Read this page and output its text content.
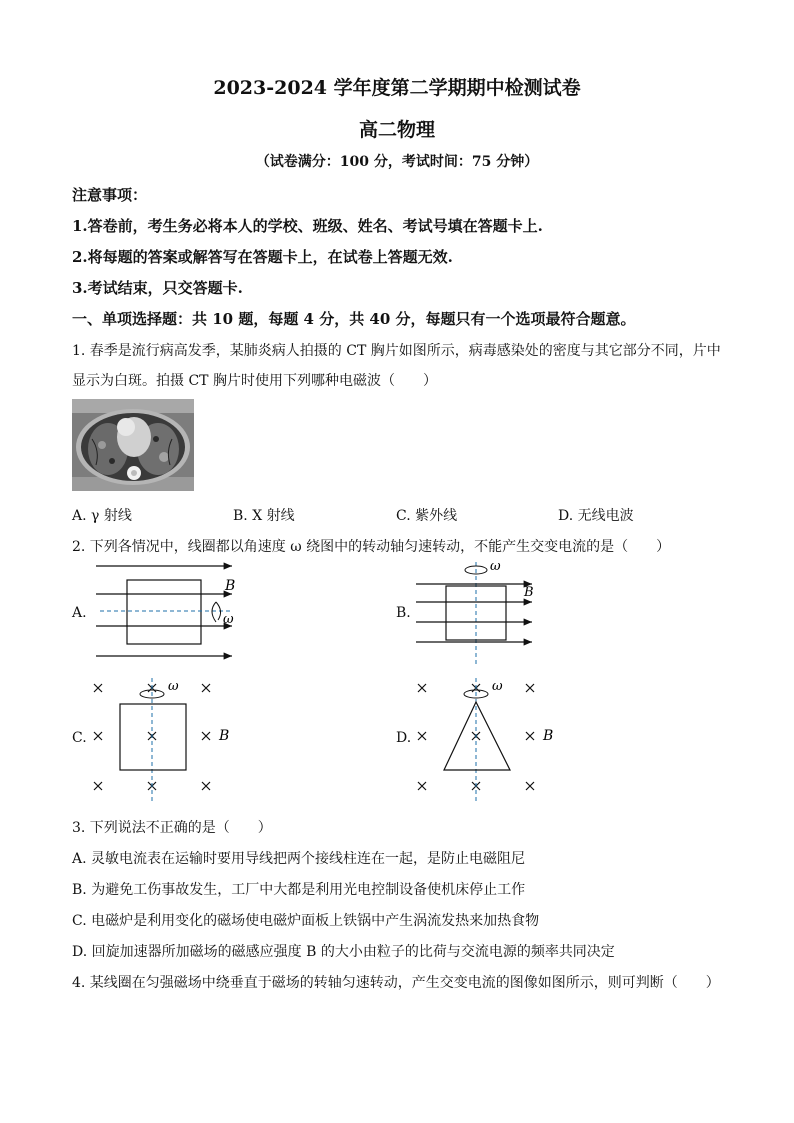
2023-2024 学年度第二学期期中检测试卷
高二物理
（试卷满分：100 分，考试时间：75 分钟）
注意事项：
1.答卷前，考生务必将本人的学校、班级、姓名、考试号填在答题卡上.
2.将每题的答案或解答写在答题卡上，在试卷上答题无效.
3.考试结束，只交答题卡.
一、单项选择题：共 10 题，每题 4 分，共 40 分，每题只有一个选项最符合题意。
1. 春季是流行病高发季，某肺炎病人拍摄的 CT 胸片如图所示，病毒感染处的密度与其它部分不同，片中
显示为白斑。拍摄 CT 胸片时使用下列哪种电磁波（　　）
A. γ 射线	B. X 射线	C. 紫外线	D. 无线电波
2. 下列各情况中，线圈都以角速度 ω 绕图中的转动轴匀速转动，不能产生交变电流的是（　　）
A.
B
ω	B.
ω
B
C.
ω
B	D.
ω
B
3. 下列说法不正确的是（　　）
A. 灵敏电流表在运输时要用导线把两个接线柱连在一起，是防止电磁阻尼
B. 为避免工伤事故发生，工厂中大都是利用光电控制设备使机床停止工作
C. 电磁炉是利用变化的磁场使电磁炉面板上铁锅中产生涡流发热来加热食物
D. 回旋加速器所加磁场的磁感应强度 B 的大小由粒子的比荷与交流电源的频率共同决定
4. 某线圈在匀强磁场中绕垂直于磁场的转轴匀速转动，产生交变电流的图像如图所示，则可判断（　　）
